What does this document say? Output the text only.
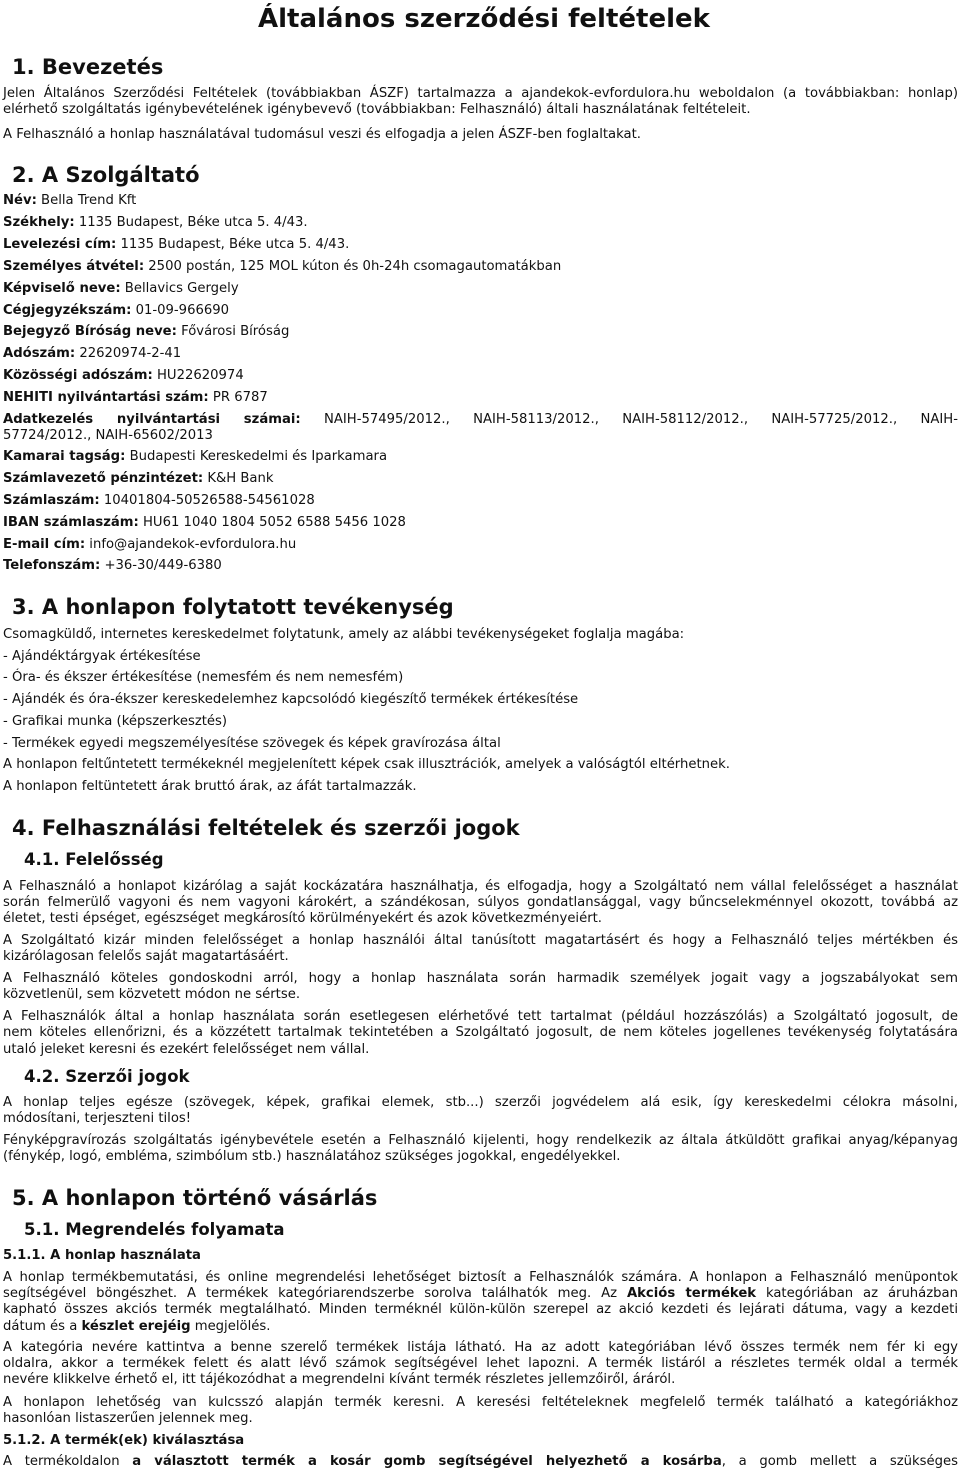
Általános szerződési feltételek
1. Bevezetés
Jelen Általános Szerződési Feltételek (továbbiakban ÁSZF) tartalmazza a ajandekok-evfordulora.hu weboldalon (a továbbiakban: honlap)
elérhető szolgáltatás igénybevételének igénybevevő (továbbiakban: Felhasználó) általi használatának feltételeit.
A Felhasználó a honlap használatával tudomásul veszi és elfogadja a jelen ÁSZF-ben foglaltakat.
2. A Szolgáltató
Név: Bella Trend Kft
Székhely: 1135 Budapest, Béke utca 5. 4/43.
Levelezési cím: 1135 Budapest, Béke utca 5. 4/43.
Személyes átvétel: 2500 postán, 125 MOL kúton és 0h-24h csomagautomatákban
Képviselő neve: Bellavics Gergely
Cégjegyzékszám: 01-09-966690
Bejegyző Bíróság neve: Fővárosi Bíróság
Adószám: 22620974-2-41
Közösségi adószám: HU22620974
NEHITI nyilvántartási szám: PR 6787
Adatkezelés nyilvántartási számai: NAIH-57495/2012., NAIH-58113/2012., NAIH-58112/2012., NAIH-57725/2012., NAIH-
57724/2012., NAIH-65602/2013
Kamarai tagság: Budapesti Kereskedelmi és Iparkamara
Számlavezető pénzintézet: K&H Bank
Számlaszám: 10401804-50526588-54561028
IBAN számlaszám: HU61 1040 1804 5052 6588 5456 1028
E-mail cím: info@ajandekok-evfordulora.hu
Telefonszám: +36-30/449-6380
3. A honlapon folytatott tevékenység
Csomagküldő, internetes kereskedelmet folytatunk, amely az alábbi tevékenységeket foglalja magába:
- Ajándéktárgyak értékesítése
- Óra- és ékszer értékesítése (nemesfém és nem nemesfém)
- Ajándék és óra-ékszer kereskedelemhez kapcsolódó kiegészítő termékek értékesítése
- Grafikai munka (képszerkesztés)
- Termékek egyedi megszemélyesítése szövegek és képek gravírozása által
A honlapon feltűntetett termékeknél megjelenített képek csak illusztrációk, amelyek a valóságtól eltérhetnek.
A honlapon feltüntetett árak bruttó árak, az áfát tartalmazzák.
4. Felhasználási feltételek és szerzői jogok
4.1. Felelősség
A Felhasználó a honlapot kizárólag a saját kockázatára használhatja, és elfogadja, hogy a Szolgáltató nem vállal felelősséget a használat
során felmerülő vagyoni és nem vagyoni károkért, a szándékosan, súlyos gondatlansággal, vagy bűncselekménnyel okozott, továbbá az
életet, testi épséget, egészséget megkárosító körülményekért és azok következményeiért.
A Szolgáltató kizár minden felelősséget a honlap használói által tanúsított magatartásért és hogy a Felhasználó teljes mértékben és
kizárólagosan felelős saját magatartásáért.
A Felhasználó köteles gondoskodni arról, hogy a honlap használata során harmadik személyek jogait vagy a jogszabályokat sem
közvetlenül, sem közvetett módon ne sértse.
A Felhasználók által a honlap használata során esetlegesen elérhetővé tett tartalmat (például hozzászólás) a Szolgáltató jogosult, de
nem köteles ellenőrizni, és a közzétett tartalmak tekintetében a Szolgáltató jogosult, de nem köteles jogellenes tevékenység folytatására
utaló jeleket keresni és ezekért felelősséget nem vállal.
4.2. Szerzői jogok
A honlap teljes egésze (szövegek, képek, grafikai elemek, stb...) szerzői jogvédelem alá esik, így kereskedelmi célokra másolni,
módosítani, terjeszteni tilos!
Fényképgravírozás szolgáltatás igénybevétele esetén a Felhasználó kijelenti, hogy rendelkezik az általa átküldött grafikai anyag/képanyag
(fénykép, logó, embléma, szimbólum stb.) használatához szükséges jogokkal, engedélyekkel.
5. A honlapon történő vásárlás
5.1. Megrendelés folyamata
5.1.1. A honlap használata
A honlap termékbemutatási, és online megrendelési lehetőséget biztosít a Felhasználók számára. A honlapon a Felhasználó menüpontok
segítségével böngészhet. A termékek kategóriarendszerbe sorolva találhatók meg. Az Akciós termékek kategóriában az áruházban
kapható összes akciós termék megtalálható. Minden terméknél külön-külön szerepel az akció kezdeti és lejárati dátuma, vagy a kezdeti
dátum és a készlet erejéig megjelölés.
A kategória nevére kattintva a benne szerelő termékek listája látható. Ha az adott kategóriában lévő összes termék nem fér ki egy
oldalra, akkor a termékek felett és alatt lévő számok segítségével lehet lapozni. A termék listáról a részletes termék oldal a termék
nevére klikkelve érhető el, itt tájékozódhat a megrendelni kívánt termék részletes jellemzőiről, áráról.
A honlapon lehetőség van kulcsszó alapján termék keresni. A keresési feltételeknek megfelelő termék található a kategóriákhoz
hasonlóan listaszerűen jelennek meg.
5.1.2. A termék(ek) kiválasztása
A termékoldalon a választott termék a kosár gomb segítségével helyezhető a kosárba, a gomb mellett a szükséges
